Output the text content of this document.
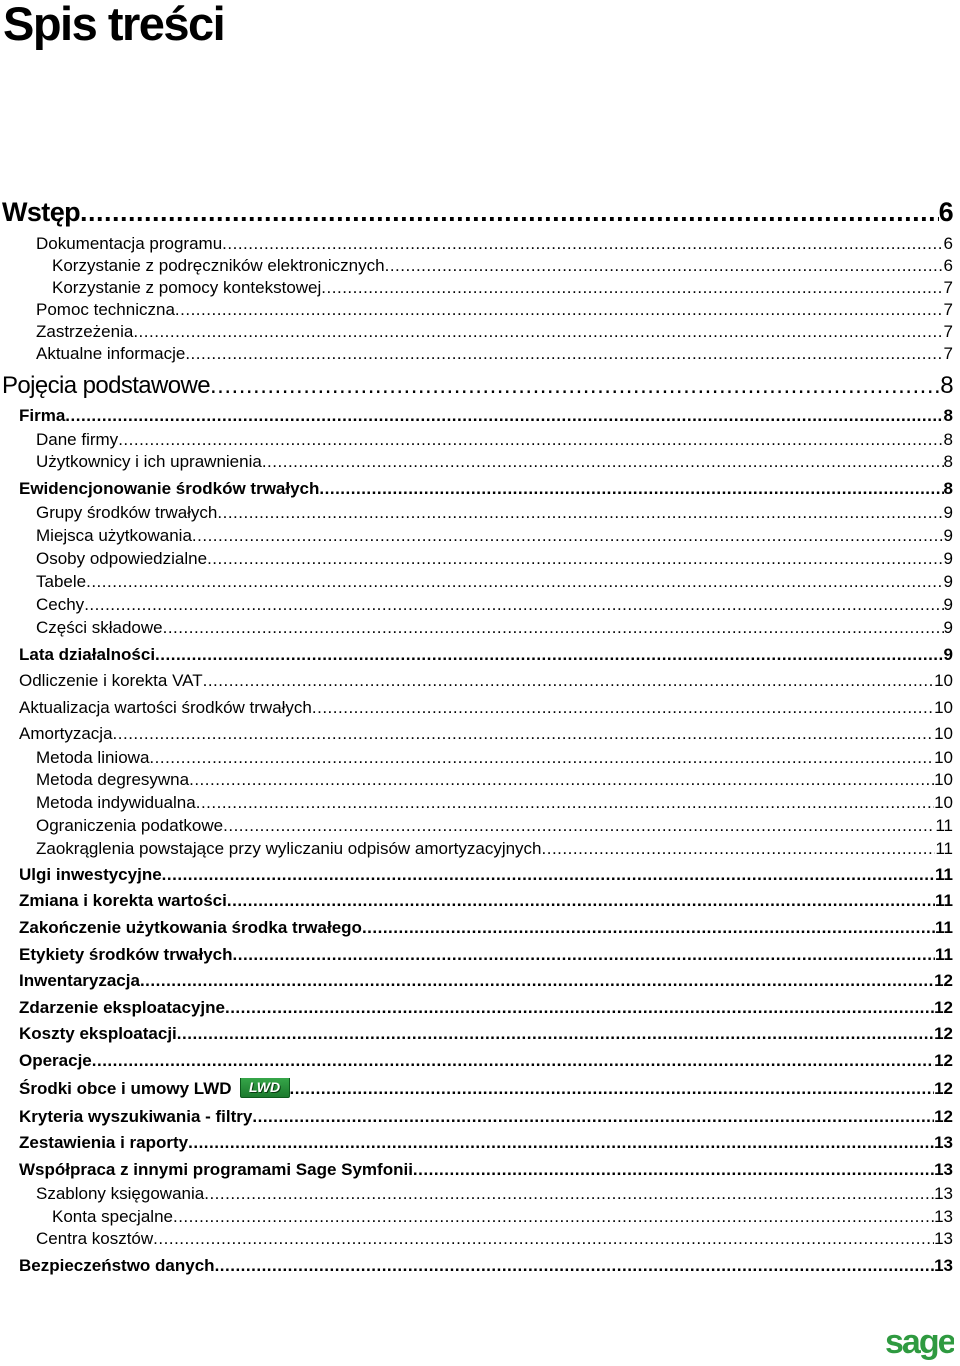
Spis treści
Wstęp .....	6
Dokumentacja programu .....	6
Korzystanie z podręczników elektronicznych .....	6
Korzystanie z pomocy kontekstowej .....	7
Pomoc techniczna .....	7
Zastrzeżenia .....	7
Aktualne informacje .....	7
Pojęcia podstawowe .....	8
Firma .....	8
Dane firmy .....	8
Użytkownicy i ich uprawnienia .....	8
Ewidencjonowanie środków trwałych .....	8
Grupy środków trwałych .....	9
Miejsca użytkowania .....	9
Osoby odpowiedzialne .....	9
Tabele .....	9
Cechy .....	9
Części składowe .....	9
Lata działalności .....	9
Odliczenie i korekta VAT .....	10
Aktualizacja wartości środków trwałych .....	10
Amortyzacja .....	10
Metoda liniowa .....	10
Metoda degresywna .....	10
Metoda indywidualna .....	10
Ograniczenia podatkowe .....	11
Zaokrąglenia powstające przy wyliczaniu odpisów amortyzacyjnych .....	11
Ulgi inwestycyjne .....	11
Zmiana i korekta wartości .....	11
Zakończenie użytkowania środka trwałego .....	11
Etykiety środków trwałych .....	11
Inwentaryzacja .....	12
Zdarzenie eksploatacyjne .....	12
Koszty eksploatacji .....	12
Operacje .....	12
Środki obce i umowy LWD	LWD .....	12
Kryteria wyszukiwania - filtry .....	12
Zestawienia i raporty .....	13
Współpraca z innymi programami Sage Symfonii .....	13
Szablony księgowania .....	13
Konta specjalne .....	13
Centra kosztów .....	13
Bezpieczeństwo danych .....	13
sage
